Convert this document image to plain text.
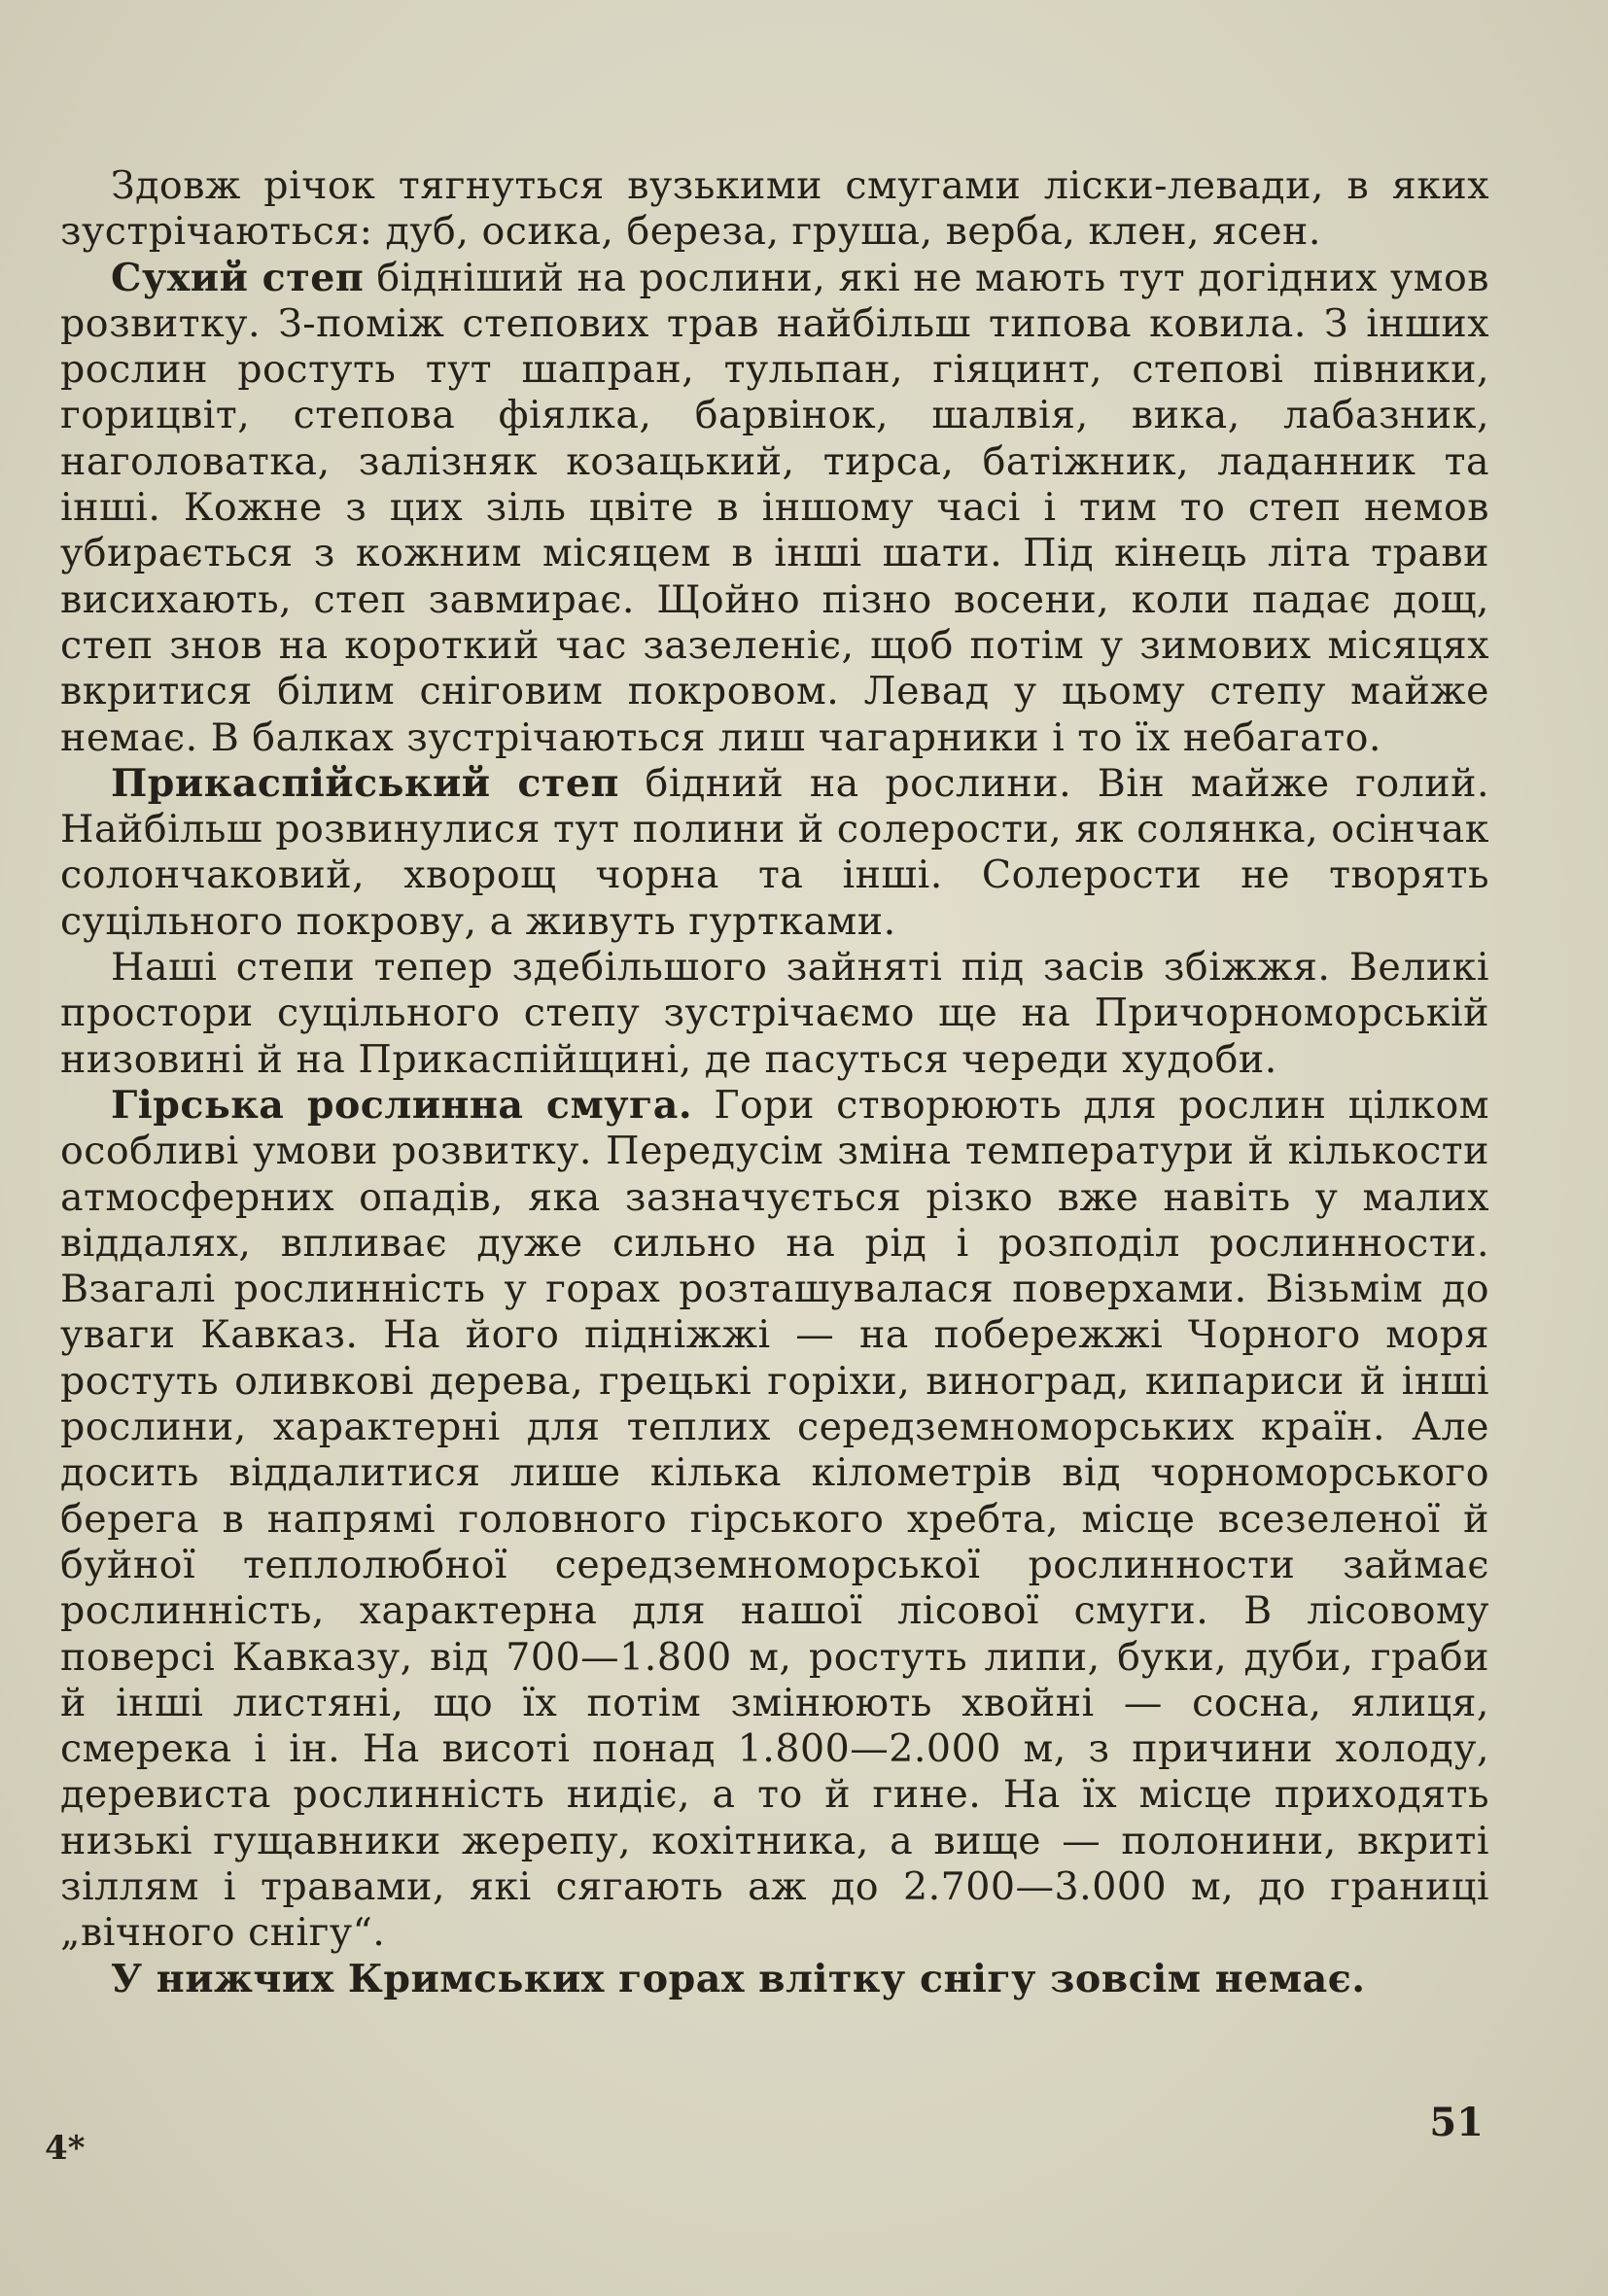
Здовж річок тягнуться вузькими смугами ліски-левади, в яких зустрічаються: дуб, осика, береза, груша, верба, клен, ясен.

Сухий степ бідніший на рослини, які не мають тут догідних умов розвитку. З-поміж степових трав найбільш типова ковила. З інших рослин ростуть тут шапран, тульпан, гіяцинт, степові півники, горицвіт, степова фіялка, барвінок, шалвія, вика, лабазник, наголоватка, залізняк козацький, тирса, батіжник, ладанник та інші. Кожне з цих зіль цвіте в іншому часі і тим то степ немов убирається з кожним місяцем в інші шати. Під кінець літа трави висихають, степ завмирає. Щойно пізно восени, коли падає дощ, степ знов на короткий час зазеленіє, щоб потім у зимових місяцях вкритися білим сніговим покровом. Левад у цьому степу майже немає. В балках зустрічаються лиш чагарники і то їх небагато.

Прикаспійський степ бідний на рослини. Він майже голий. Найбільш розвинулися тут полини й солерости, як солянка, осінчак солончаковий, хворощ чорна та інші. Солерости не творять суцільного покрову, а живуть гуртками.

Наші степи тепер здебільшого зайняті під засів збіжжя. Великі простори суцільного степу зустрічаємо ще на Причорноморській низовині й на Прикаспійщині, де пасуться череди худоби.

Гірська рослинна смуга. Гори створюють для рослин цілком особливі умови розвитку. Передусім зміна температури й кількости атмосферних опадів, яка зазначується різко вже навіть у малих віддалях, впливає дуже сильно на рід і розподіл рослинности. Взагалі рослинність у горах розташувалася поверхами. Візьмім до уваги Кавказ. На його підніжжі — на побережжі Чорного моря ростуть оливкові дерева, грецькі горіхи, виноград, кипариси й інші рослини, характерні для теплих середземноморських країн. Але досить віддалитися лише кілька кілометрів від чорноморського берега в напрямі головного гірського хребта, місце всезеленої й буйної теплолюбної середземноморської рослинности займає рослинність, характерна для нашої лісової смуги. В лісовому поверсі Кавказу, від 700—1.800 м, ростуть липи, буки, дуби, граби й інші листяні, що їх потім змінюють хвойні — сосна, ялиця, смерека і ін. На висоті понад 1.800—2.000 м, з причини холоду, деревиста рослинність нидіє, а то й гине. На їх місце приходять низькі гущавники жерепу, кохітника, а вище — полонини, вкриті зіллям і травами, які сягають аж до 2.700—3.000 м, до границі „вічного снігу“.

У нижчих Кримських горах влітку снігу зовсім немає.

4*
51
